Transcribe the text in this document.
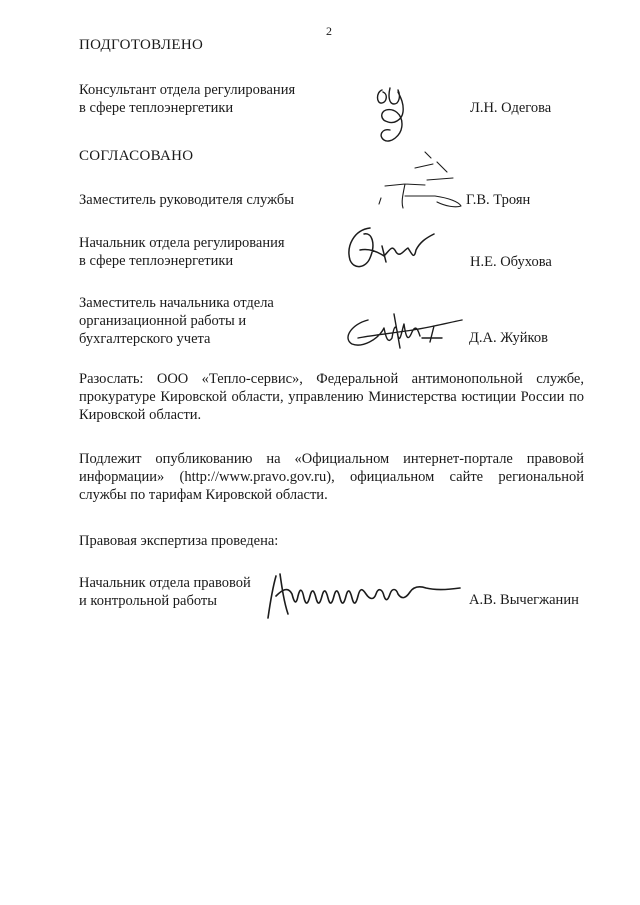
2
ПОДГОТОВЛЕНО
Консультант отдела регулирования
в сфере теплоэнергетики	Л.Н. Одегова
СОГЛАСОВАНО
Заместитель руководителя службы	Г.В. Троян
Начальник отдела регулирования
в сфере теплоэнергетики	Н.Е. Обухова
Заместитель начальника отдела
организационной работы и
бухгалтерского учета	Д.А. Жуйков
Разослать: ООО «Тепло-сервис», Федеральной антимонопольной службе, прокуратуре Кировской области, управлению Министерства юстиции России по Кировской области.
Подлежит опубликованию на «Официальном интернет-портале правовой информации» (http://www.pravo.gov.ru), официальном сайте региональной службы по тарифам Кировской области.
Правовая экспертиза проведена:
Начальник отдела правовой
и контрольной работы	А.В. Вычегжанин
